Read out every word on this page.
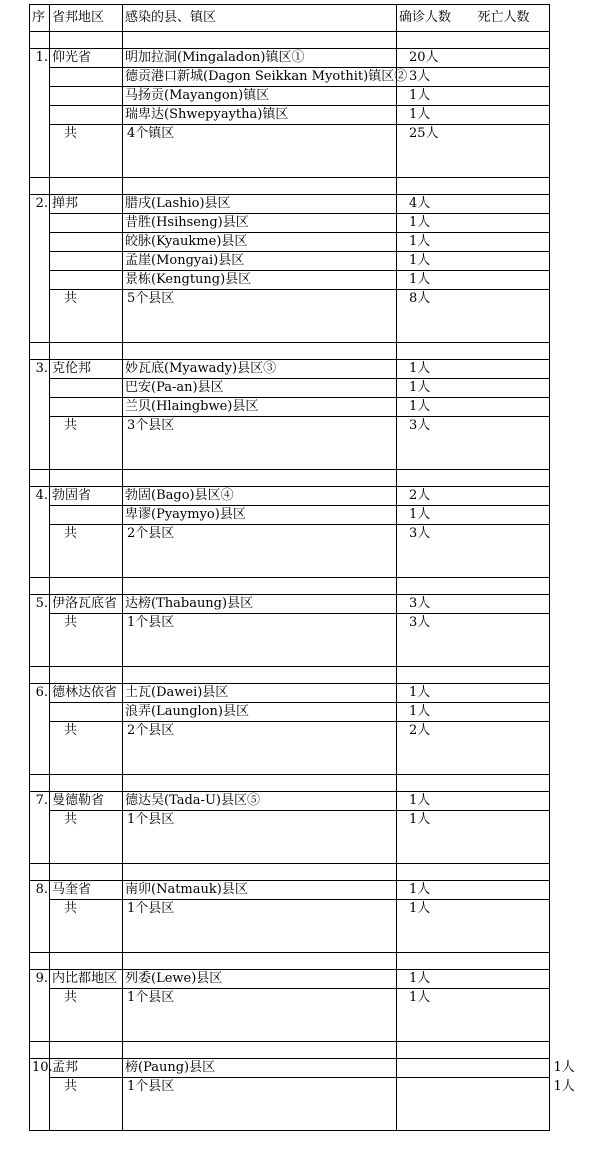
序	省邦地区	感染的县、镇区	确诊人数	死亡人数

1.	仰光省	明加拉洞(Mingaladon)镇区①	20人	
		德贡港口新城(Dagon Seikkan Myothit)镇区②	3人	
		马扬贡(Mayangon)镇区	1人	
		瑞卑达(Shwepyaytha)镇区	1人	
	共	4个镇区	25人	

2.	掸邦	腊戌(Lashio)县区	4人	
		昔胜(Hsihseng)县区	1人	
		皎脉(Kyaukme)县区	1人	
		孟崖(Mongyai)县区	1人	
		景栋(Kengtung)县区	1人	
	共	5个县区	8人	

3.	克伦邦	妙瓦底(Myawady)县区③	1人	
		巴安(Pa-an)县区	1人	
		兰贝(Hlaingbwe)县区	1人	
	共	3个县区	3人	

4.	勃固省	勃固(Bago)县区④	2人	
		卑谬(Pyaymyo)县区	1人	
	共	2个县区	3人	

5.	伊洛瓦底省	达榜(Thabaung)县区	3人	
	共	1个县区	3人	

6.	德林达依省	土瓦(Dawei)县区	1人	
		浪弄(Launglon)县区	1人	
	共	2个县区	2人	

7.	曼德勒省	德达吴(Tada-U)县区⑤	1人	
	共	1个县区	1人	

8.	马奎省	南卯(Natmauk)县区	1人	
	共	1个县区	1人	

9.	内比都地区	列委(Lewe)县区	1人	
	共	1个县区	1人	

10.	孟邦	榜(Paung)县区		1人
	共	1个县区		1人
